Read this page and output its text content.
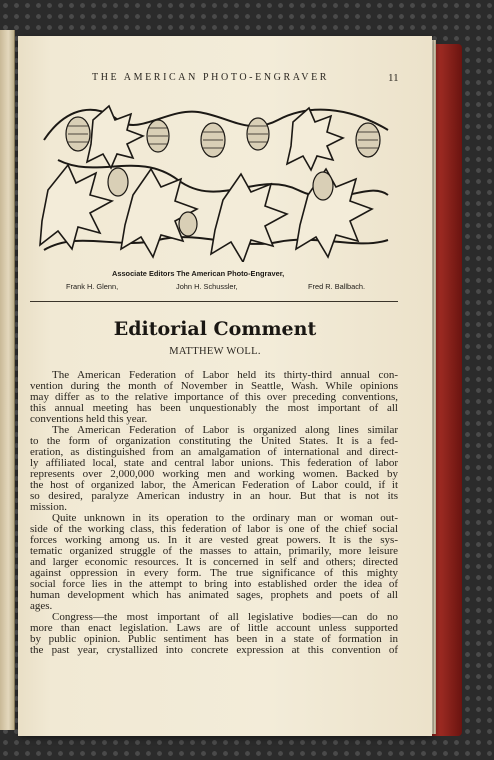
THE AMERICAN PHOTO-ENGRAVER	11
Associate Editors The American Photo-Engraver,
Frank H. Glenn,	John H. Schussler,	Fred R. Ballbach.
Editorial Comment
MATTHEW WOLL.
The American Federation of Labor held its thirty-third annual con-
vention during the month of November in Seattle, Wash. While opinions
may differ as to the relative importance of this over preceding conventions,
this annual meeting has been unquestionably the most important of all
conventions held this year.
The American Federation of Labor is organized along lines similar
to the form of organization constituting the United States. It is a fed-
eration, as distinguished from an amalgamation of international and direct-
ly affiliated local, state and central labor unions. This federation of labor
represents over 2,000,000 working men and working women. Backed by
the host of organized labor, the American Federation of Labor could, if it
so desired, paralyze American industry in an hour. But that is not its
mission.
Quite unknown in its operation to the ordinary man or woman out-
side of the working class, this federation of labor is one of the chief social
forces working among us. In it are vested great powers. It is the sys-
tematic organized struggle of the masses to attain, primarily, more leisure
and larger economic resources. It is concerned in self and others; directed
against oppression in every form. The true significance of this mighty
social force lies in the attempt to bring into established order the idea of
human development which has animated sages, prophets and poets of all
ages.
Congress—the most important of all legislative bodies—can do no
more than enact legislation. Laws are of little account unless supported
by public opinion. Public sentiment has been in a state of formation in
the past year, crystallized into concrete expression at this convention of
